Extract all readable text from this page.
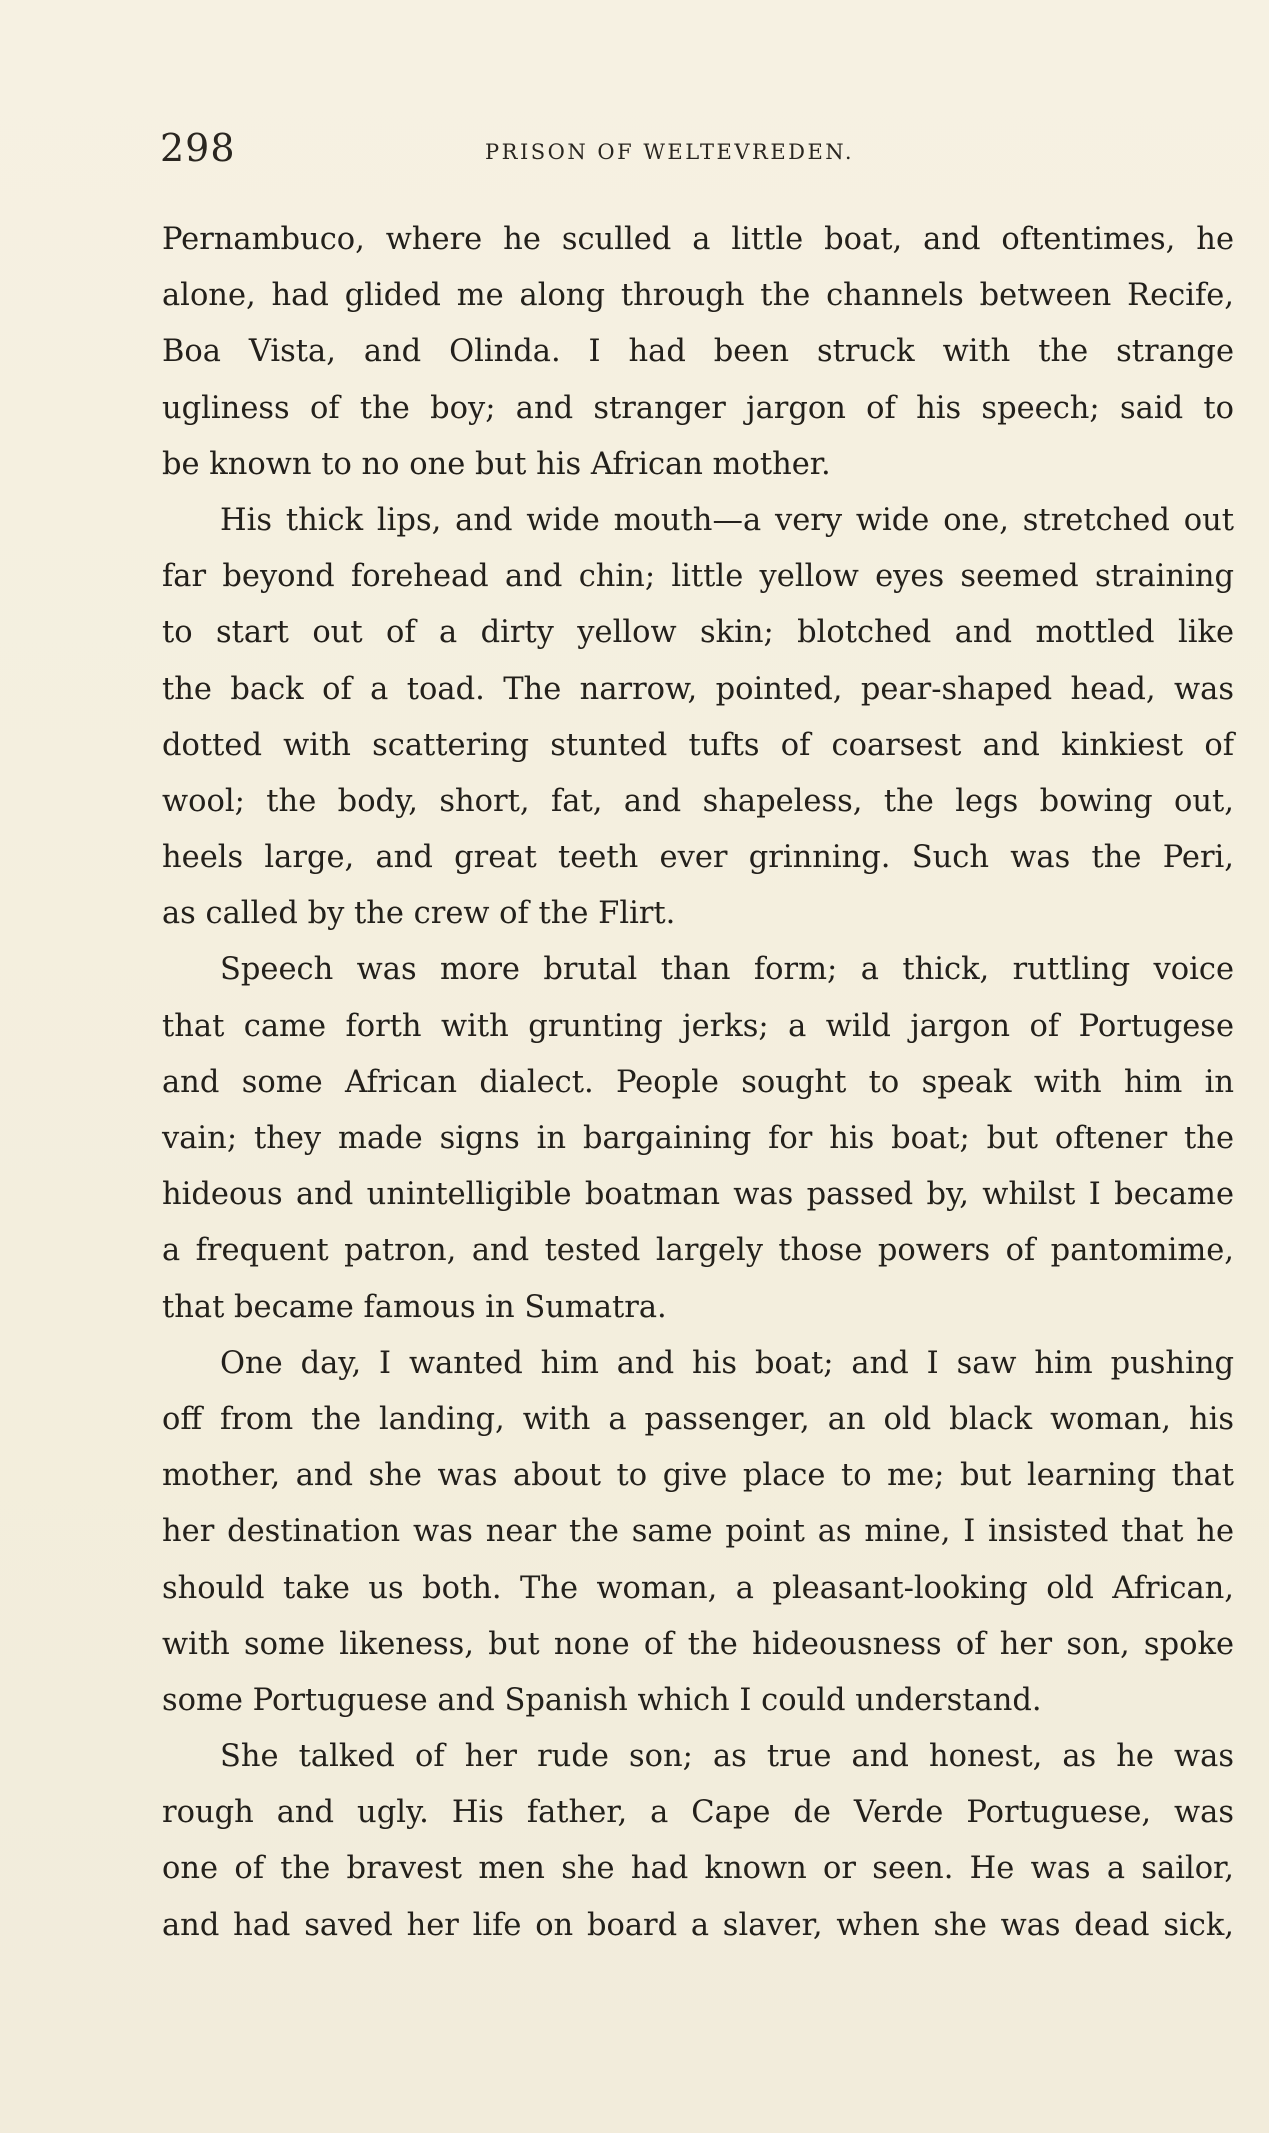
298	PRISON OF WELTEVREDEN.
Pernambuco, where he sculled a little boat, and oftentimes, he
alone, had glided me along through the channels between Recife,
Boa Vista, and Olinda. I had been struck with the strange
ugliness of the boy; and stranger jargon of his speech; said to
be known to no one but his African mother.
His thick lips, and wide mouth—a very wide one, stretched out
far beyond forehead and chin; little yellow eyes seemed straining
to start out of a dirty yellow skin; blotched and mottled like
the back of a toad. The narrow, pointed, pear-shaped head, was
dotted with scattering stunted tufts of coarsest and kinkiest of
wool; the body, short, fat, and shapeless, the legs bowing out,
heels large, and great teeth ever grinning. Such was the Peri,
as called by the crew of the Flirt.
Speech was more brutal than form; a thick, ruttling voice
that came forth with grunting jerks; a wild jargon of Portugese
and some African dialect. People sought to speak with him in
vain; they made signs in bargaining for his boat; but oftener the
hideous and unintelligible boatman was passed by, whilst I became
a frequent patron, and tested largely those powers of pantomime,
that became famous in Sumatra.
One day, I wanted him and his boat; and I saw him pushing
off from the landing, with a passenger, an old black woman, his
mother, and she was about to give place to me; but learning that
her destination was near the same point as mine, I insisted that he
should take us both. The woman, a pleasant-looking old African,
with some likeness, but none of the hideousness of her son, spoke
some Portuguese and Spanish which I could understand.
She talked of her rude son; as true and honest, as he was
rough and ugly. His father, a Cape de Verde Portuguese, was
one of the bravest men she had known or seen. He was a sailor,
and had saved her life on board a slaver, when she was dead sick,
